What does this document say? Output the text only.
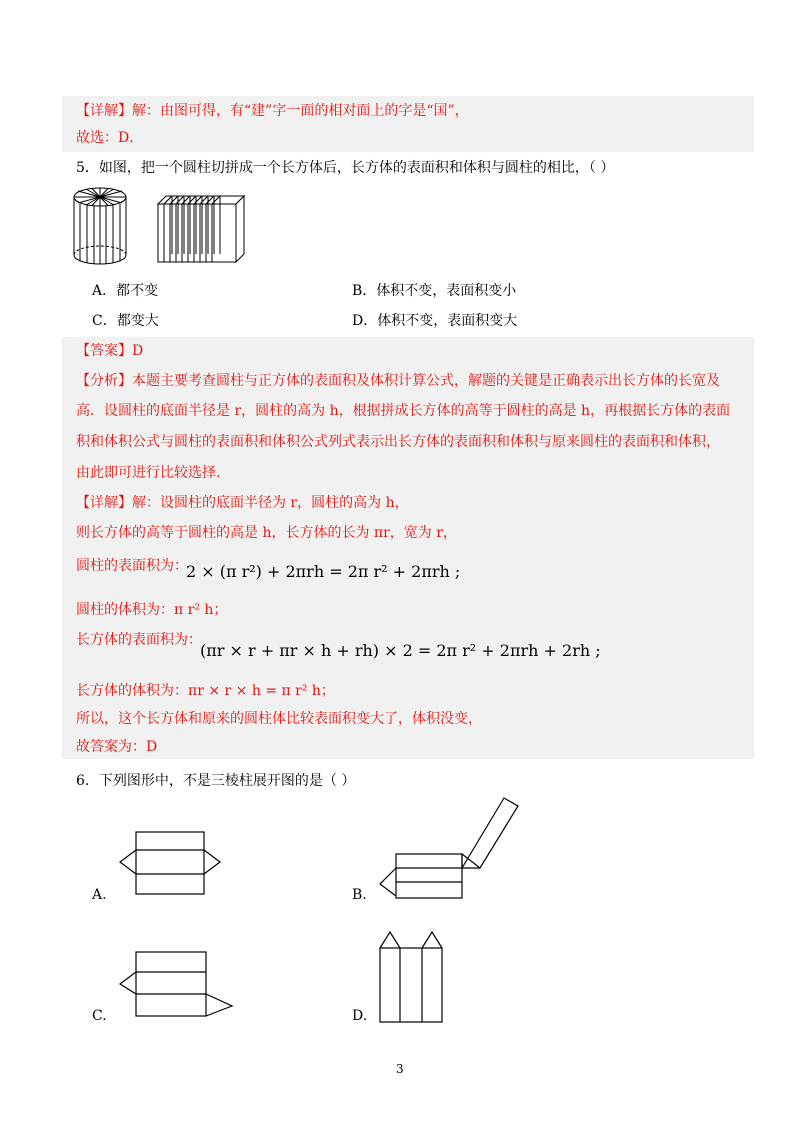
【详解】解：由图可得，有“建”字一面的相对面上的字是“国”，
故选：D．
5．如图，把一个圆柱切拼成一个长方体后，长方体的表面积和体积与圆柱的相比，（ ）
A．都不变	B．体积不变，表面积变小
C．都变大	D．体积不变，表面积变大
【答案】D
【分析】本题主要考查圆柱与正方体的表面积及体积计算公式，解题的关键是正确表示出长方体的长宽及
高．设圆柱的底面半径是 r，圆柱的高为 h，根据拼成长方体的高等于圆柱的高是 h，再根据长方体的表面
积和体积公式与圆柱的表面积和体积公式列式表示出长方体的表面积和体积与原来圆柱的表面积和体积，
由此即可进行比较选择.
【详解】解：设圆柱的底面半径为 r，圆柱的高为 h，
则长方体的高等于圆柱的高是 h，长方体的长为 πr，宽为 r，
圆柱的表面积为：
2 × (π r²) + 2πrh = 2π r² + 2πrh ;
圆柱的体积为：π r² h；
长方体的表面积为：
(πr × r + πr × h + rh) × 2 = 2π r² + 2πrh + 2rh ;
长方体的体积为：πr × r × h = π r² h；
所以，这个长方体和原来的圆柱体比较表面积变大了，体积没变，
故答案为：D
6．下列图形中，不是三棱柱展开图的是（ ）
A.	B.
C.	D.
3
